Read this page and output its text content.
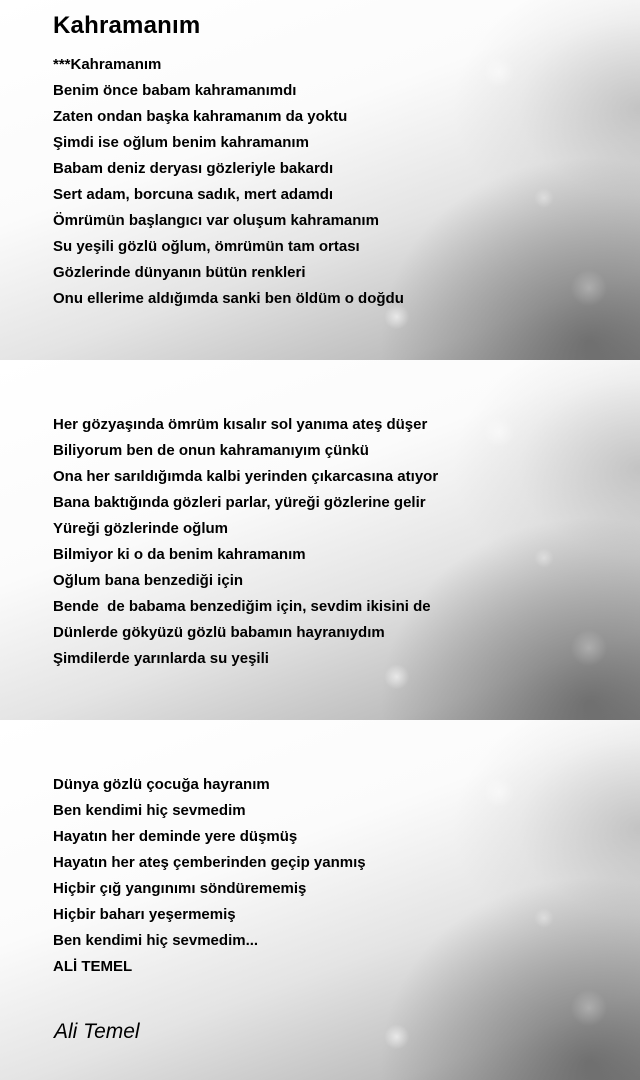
Kahramanım
***Kahramanım
Benim önce babam kahramanımdı
Zaten ondan başka kahramanım da yoktu
Şimdi ise oğlum benim kahramanım
Babam deniz deryası gözleriyle bakardı
Sert adam, borcuna sadık, mert adamdı
Ömrümün başlangıcı var oluşum kahramanım
Su yeşili gözlü oğlum, ömrümün tam ortası
Gözlerinde dünyanın bütün renkleri
Onu ellerime aldığımda sanki ben öldüm o doğdu
Her gözyaşında ömrüm kısalır sol yanıma ateş düşer
Biliyorum ben de onun kahramanıyım çünkü
Ona her sarıldığımda kalbi yerinden çıkarcasına atıyor
Bana baktığında gözleri parlar, yüreği gözlerine gelir
Yüreği gözlerinde oğlum
Bilmiyor ki o da benim kahramanım
Oğlum bana benzediği için
Bende  de babama benzediğim için, sevdim ikisini de
Dünlerde gökyüzü gözlü babamın hayranıydım
Şimdilerde yarınlarda su yeşili
Dünya gözlü çocuğa hayranım
Ben kendimi hiç sevmedim
Hayatın her deminde yere düşmüş
Hayatın her ateş çemberinden geçip yanmış
Hiçbir çığ yangınımı söndürememiş
Hiçbir baharı yeşermemiş
Ben kendimi hiç sevmedim...
ALİ TEMEL
Ali Temel
